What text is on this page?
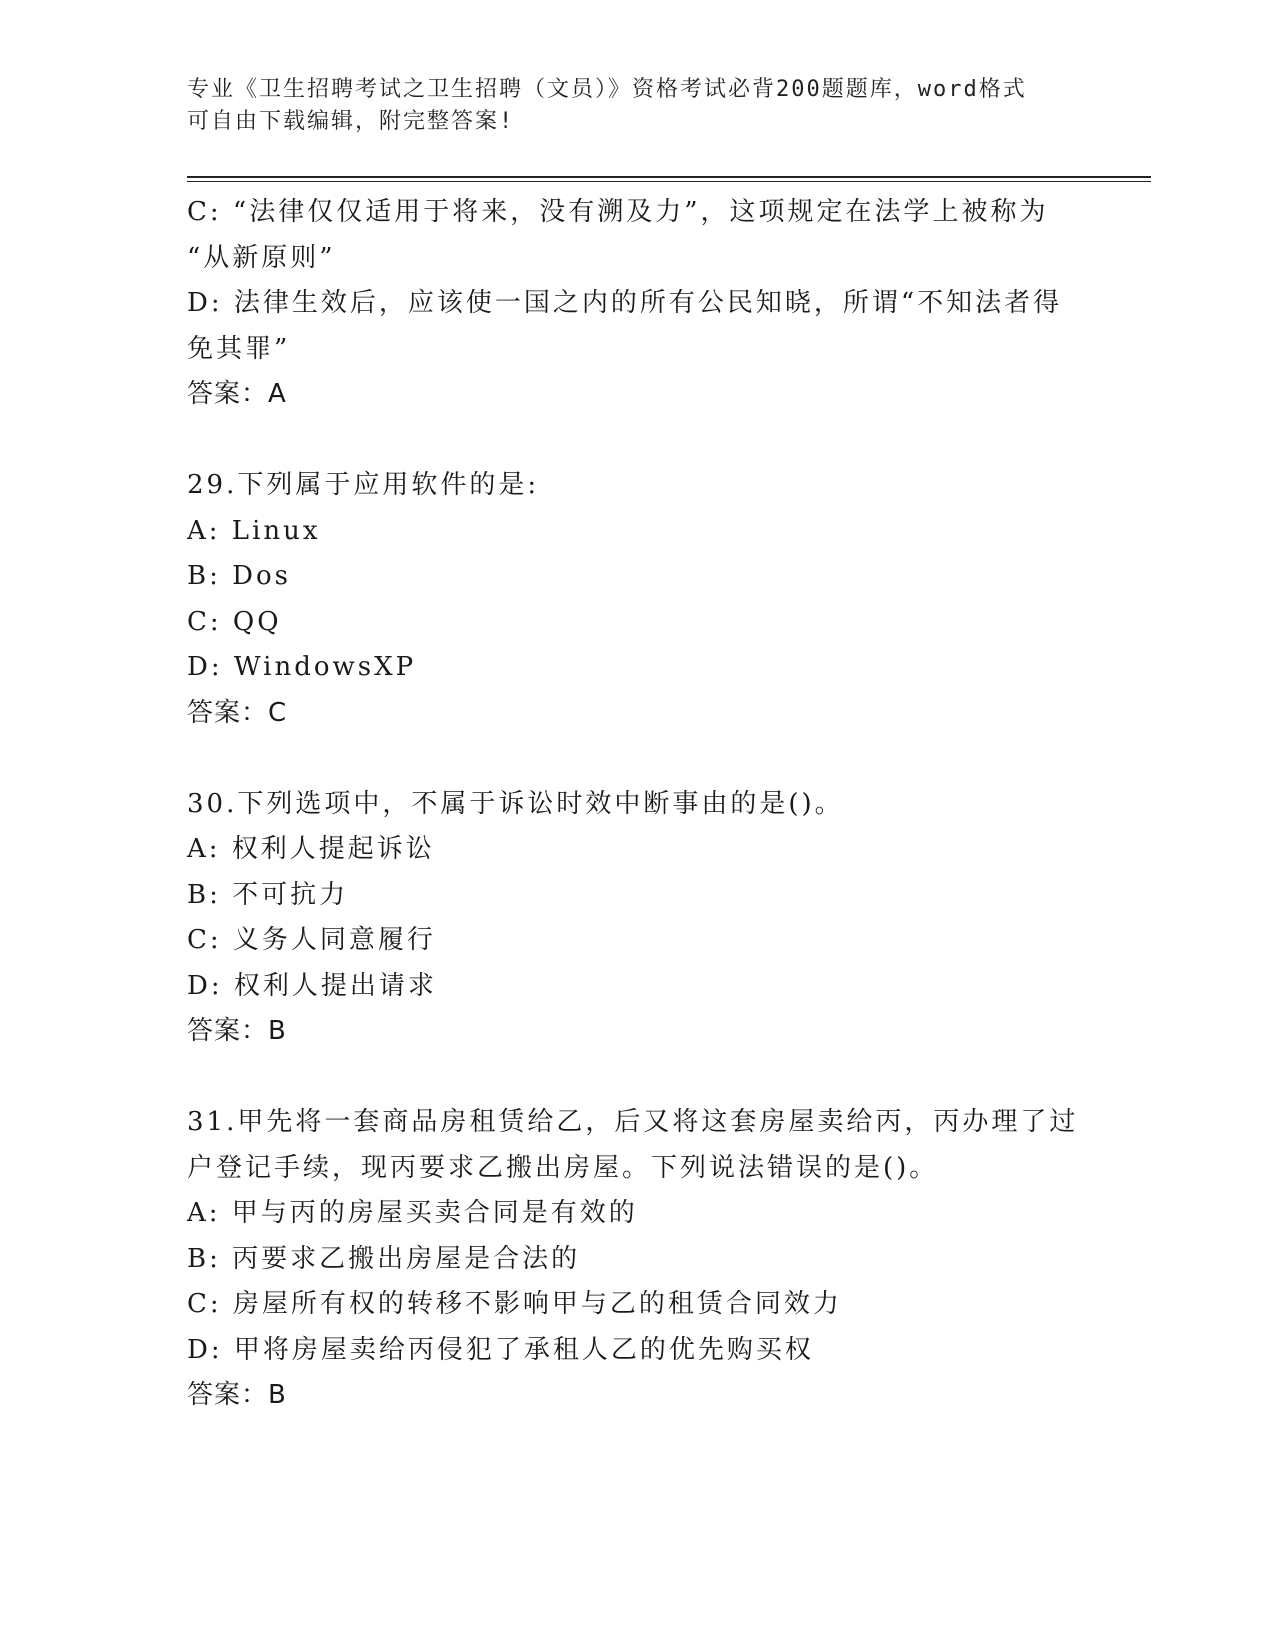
专业《卫生招聘考试之卫生招聘（文员）》资格考试必背200题题库，word格式
可自由下载编辑，附完整答案!
C: “法律仅仅适用于将来，没有溯及力”，这项规定在法学上被称为
“从新原则”
D: 法律生效后，应该使一国之内的所有公民知晓，所谓“不知法者得
免其罪”
答案：A
29.下列属于应用软件的是:
A: Linux
B: Dos
C: QQ
D: WindowsXP
答案：C
30.下列选项中，不属于诉讼时效中断事由的是()。
A: 权利人提起诉讼
B: 不可抗力
C: 义务人同意履行
D: 权利人提出请求
答案：B
31.甲先将一套商品房租赁给乙，后又将这套房屋卖给丙，丙办理了过
户登记手续，现丙要求乙搬出房屋。下列说法错误的是()。
A: 甲与丙的房屋买卖合同是有效的
B: 丙要求乙搬出房屋是合法的
C: 房屋所有权的转移不影响甲与乙的租赁合同效力
D: 甲将房屋卖给丙侵犯了承租人乙的优先购买权
答案：B
